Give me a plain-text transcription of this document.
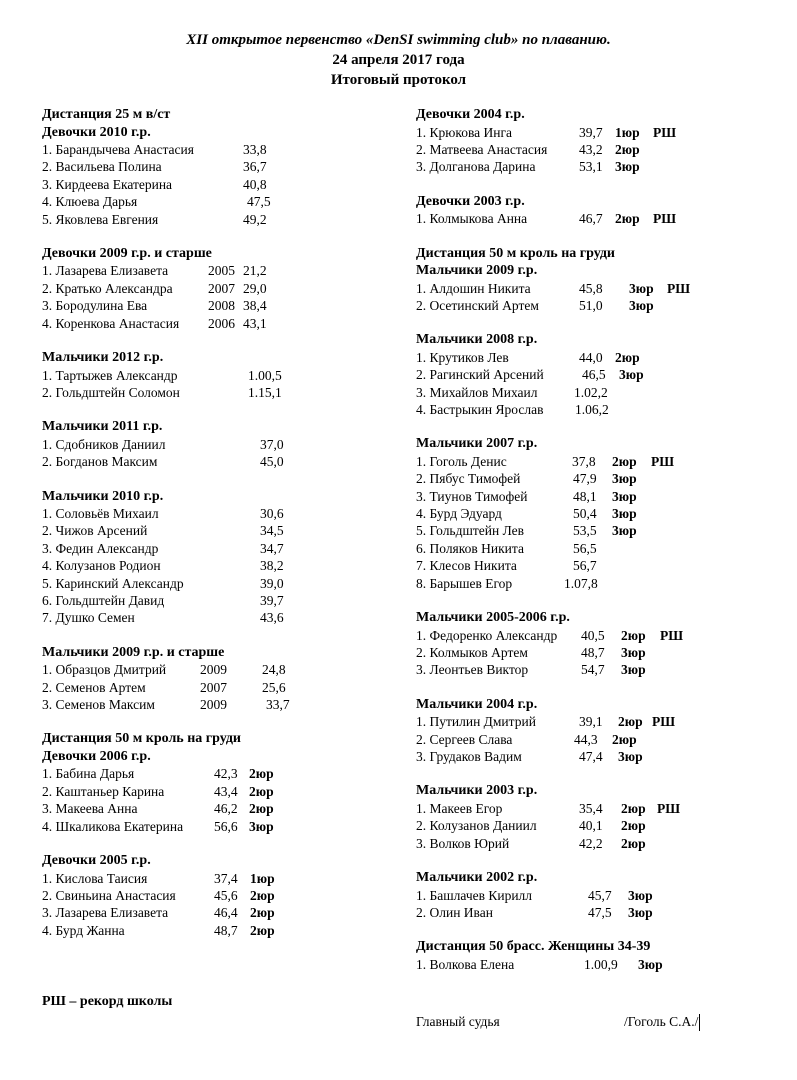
XII открытое первенство «DenSI swimming club» по плаванию.
24 апреля 2017 года
Итоговый протокол
Дистанция 25 м в/ст
Девочки 2010 г.р.
1. Барандычева Анастасия	33,8
2. Васильева Полина	36,7
3. Кирдеева Екатерина	40,8
4. Клюева Дарья	47,5
5. Яковлева Евгения	49,2
Девочки 2009 г.р. и старше
1. Лазарева Елизавета	2005 21,2
2. Кратько Александра	2007 29,0
3. Бородулина Ева	2008 38,4
4. Коренкова Анастасия 2006 43,1
Мальчики 2012 г.р.
1. Тартыжев Александр	1.00,5
2. Гольдштейн Соломон	1.15,1
Мальчики 2011 г.р.
1. Сдобников Даниил	37,0
2. Богданов Максим	45,0
Мальчики 2010 г.р.
1. Соловьёв Михаил	30,6
2. Чижов Арсений	34,5
3. Федин Александр	34,7
4. Колузанов Родион	38,2
5. Каринский Александр	39,0
6. Гольдштейн Давид	39,7
7. Душко Семен	43,6
Мальчики 2009 г.р. и старше
1. Образцов Дмитрий	2009	24,8
2. Семенов Артем	2007	25,6
3. Семенов Максим	2009	33,7
Дистанция 50 м кроль на груди
Девочки 2006 г.р.
1. Бабина Дарья	42,3 2юр
2. Каштаньер Карина	43,4 2юр
3. Макеева Анна	46,2 2юр
4. Шкаликова Екатерина 56,6 3юр
Девочки 2005 г.р.
1. Кислова Таисия	37,4 1юр
2. Свиньина Анастасия	45,6 2юр
3. Лазарева Елизавета	46,4 2юр
4. Бурд Жанна	48,7 2юр
Девочки 2004 г.р.
1. Крюкова Инга	39,7 1юр РШ
2. Матвеева Анастасия 43,2 2юр
3. Долганова Дарина	53,1 3юр
Девочки 2003 г.р.
1. Колмыкова Анна	46,7 2юр РШ
Дистанция 50 м кроль на груди
Мальчики 2009 г.р.
1. Алдошин Никита	45,8 3юр РШ
2. Осетинский Артем	51,0 3юр
Мальчики 2008 г.р.
1. Крутиков Лев	44,0 2юр
2. Рагинский Арсений	46,5 3юр
3. Михайлов Михаил	1.02,2
4. Бастрыкин Ярослав 1.06,2
Мальчики 2007 г.р.
1. Гоголь Денис	37,8 2юр РШ
2. Пябус Тимофей	47,9 3юр
3. Тиунов Тимофей	48,1 3юр
4. Бурд Эдуард	50,4 3юр
5. Гольдштейн Лев	53,5 3юр
6. Поляков Никита	56,5
7. Клесов Никита	56,7
8. Барышев Егор	1.07,8
Мальчики 2005-2006 г.р.
1. Федоренко Александр 40,5 2юр РШ
2. Колмыков Артем	48,7 3юр
3. Леонтьев Виктор	54,7 3юр
Мальчики 2004 г.р.
1. Путилин Дмитрий	39,1 2юр РШ
2. Сергеев Слава	44,3 2юр
3. Грудаков Вадим	47,4 3юр
Мальчики 2003 г.р.
1. Макеев Егор	35,4 2юр РШ
2. Колузанов Даниил	40,1 2юр
3. Волков Юрий	42,2 2юр
Мальчики 2002 г.р.
1. Башлачев Кирилл	45,7 3юр
2. Олин Иван	47,5 3юр
Дистанция 50 брасс. Женщины 34-39
1. Волкова Елена	1.00,9 3юр
РШ – рекорд школы
Главный судья	/Гоголь С.А./
